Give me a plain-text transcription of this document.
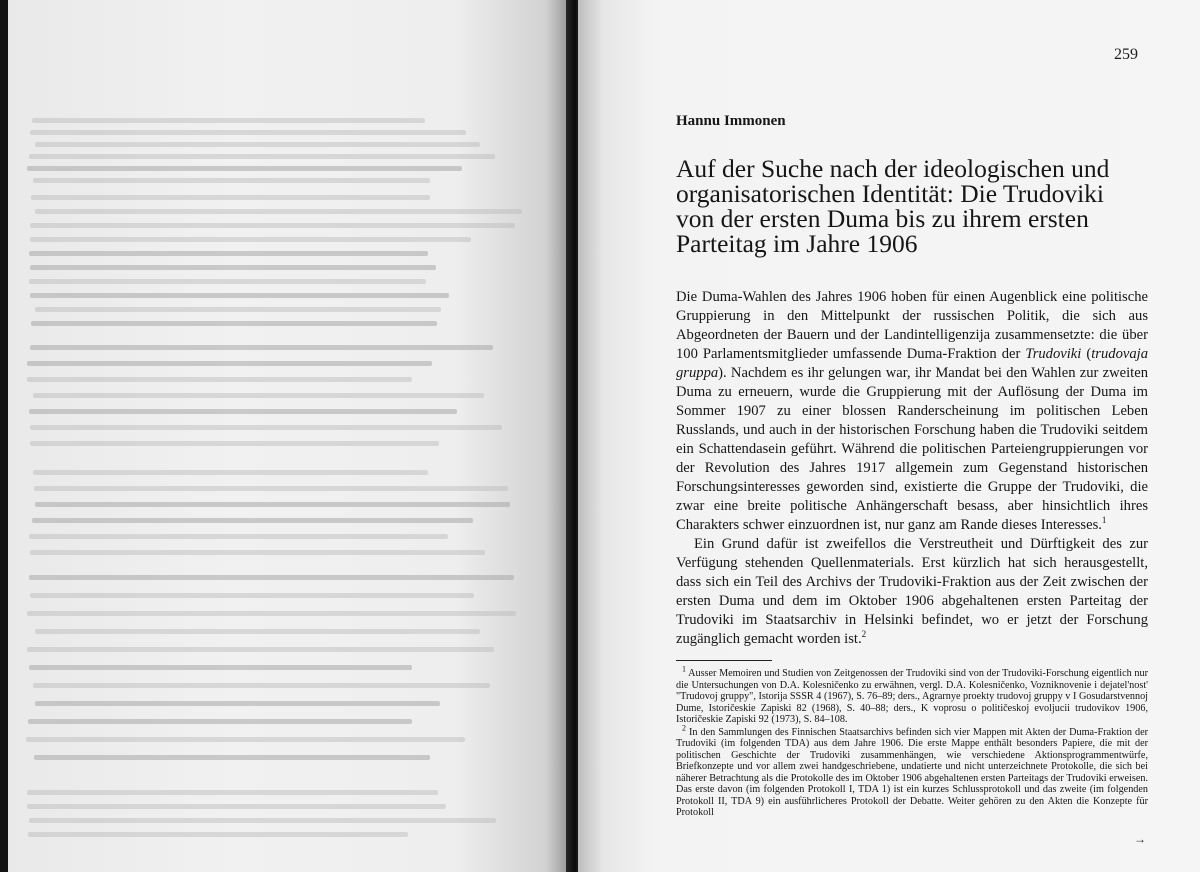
259
Hannu Immonen
Auf der Suche nach der ideologischen und
organisatorischen Identität: Die Trudoviki
von der ersten Duma bis zu ihrem ersten
Parteitag im Jahre 1906

Die Duma-Wahlen des Jahres 1906 hoben für einen Augenblick eine politische Gruppierung in den Mittelpunkt der russischen Politik, die sich aus Abgeordneten der Bauern und der Landintelligenzija zusammensetzte: die über 100 Parlamentsmitglieder umfassende Duma-Fraktion der Trudoviki (trudovaja gruppa). Nachdem es ihr gelungen war, ihr Mandat bei den Wahlen zur zweiten Duma zu erneuern, wurde die Gruppierung mit der Auflösung der Duma im Sommer 1907 zu einer blossen Randerscheinung im politischen Leben Russlands, und auch in der historischen Forschung haben die Trudoviki seitdem ein Schattendasein geführt. Während die politischen Parteiengruppierungen vor der Revolution des Jahres 1917 allgemein zum Gegenstand historischen Forschungsinteresses geworden sind, existierte die Gruppe der Trudoviki, die zwar eine breite politische Anhängerschaft besass, aber hinsichtlich ihres Charakters schwer einzuordnen ist, nur ganz am Rande dieses Interesses.$^1$

Ein Grund dafür ist zweifellos die Verstreutheit und Dürftigkeit des zur Verfügung stehenden Quellenmaterials. Erst kürzlich hat sich herausgestellt, dass sich ein Teil des Archivs der Trudoviki-Fraktion aus der Zeit zwischen der ersten Duma und dem im Oktober 1906 abgehaltenen ersten Parteitag der Trudoviki im Staatsarchiv in Helsinki befindet, wo er jetzt der Forschung zugänglich gemacht worden ist.$^2$

$^1$ Ausser Memoiren und Studien von Zeitgenossen der Trudoviki sind von der Trudoviki-Forschung eigentlich nur die Untersuchungen von D.A. Kolesničenko zu erwähnen, vergl. D.A. Kolesničenko, Vozniknovenie i dejatel'nost' "Trudovoj gruppy", Istorija SSSR 4 (1967), S. 76–89; ders., Agrarnye proekty trudovoj gruppy v I Gosudarstvennoj Dume, Istoričeskie Zapiski 82 (1968), S. 40–88; ders., K voprosu o političeskoj evoljucii trudovikov 1906, Istoričeskie Zapiski 92 (1973), S. 84–108.

$^2$ In den Sammlungen des Finnischen Staatsarchivs befinden sich vier Mappen mit Akten der Duma-Fraktion der Trudoviki (im folgenden TDA) aus dem Jahre 1906. Die erste Mappe enthält besonders Papiere, die mit der politischen Geschichte der Trudoviki zusammenhängen, wie verschiedene Aktionsprogrammentwürfe, Briefkonzepte und vor allem zwei handgeschriebene, undatierte und nicht unterzeichnete Protokolle, die sich bei näherer Betrachtung als die Protokolle des im Oktober 1906 abgehaltenen ersten Parteitags der Trudoviki erweisen. Das erste davon (im folgenden Protokoll I, TDA 1) ist ein kurzes Schlussprotokoll und das zweite (im folgenden Protokoll II, TDA 9) ein ausführlicheres Protokoll der Debatte. Weiter gehören zu den Akten die Konzepte für Protokoll

→
